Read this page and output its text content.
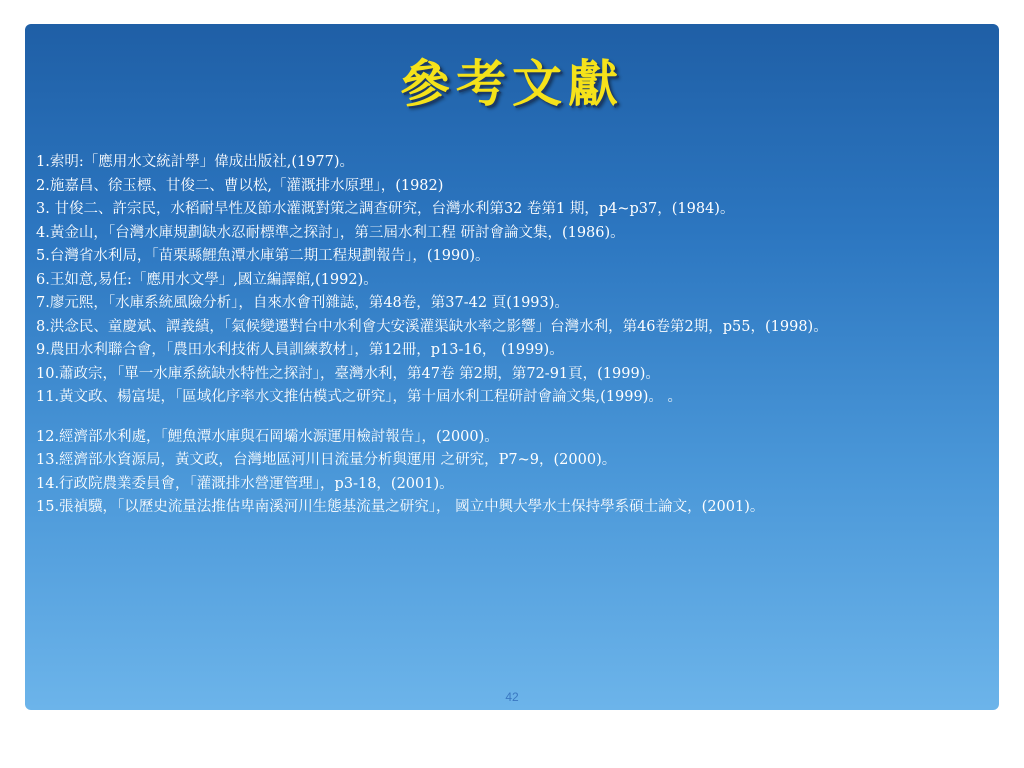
參考文獻
1.索明:「應用水文統計學」偉成出版社,(1977)。
2.施嘉昌、徐玉標、甘俊二、曹以松,「灌溉排水原理」，(1982)
3. 甘俊二、許宗民，水稻耐旱性及節水灌溉對策之調查研究，台灣水利第32 卷第1 期，p4~p37，(1984)。
4.黃金山，「台灣水庫規劃缺水忍耐標準之探討」，第三屆水利工程 研討會論文集，(1986)。
5.台灣省水利局，「苗栗縣鯉魚潭水庫第二期工程規劃報告」，(1990)。
6.王如意,易任:「應用水文學」,國立編譯館,(1992)。
7.廖元熙，「水庫系統風險分析」，自來水會刊雜誌，第48卷，第37-42 頁(1993)。
8.洪念民、童慶斌、譚義績，「氣候變遷對台中水利會大安溪灌渠缺水率之影響」台灣水利，第46卷第2期，p55，(1998)。
9.農田水利聯合會，「農田水利技術人員訓練教材」，第12冊，p13-16， (1999)。
10.蕭政宗，「單一水庫系統缺水特性之探討」，臺灣水利，第47卷 第2期，第72-91頁，(1999)。
11.黃文政、楊富堤，「區域化序率水文推估模式之研究」，第十屆水利工程研討會論文集,(1999)。 。
12.經濟部水利處，「鯉魚潭水庫與石岡壩水源運用檢討報告」，(2000)。
13.經濟部水資源局，黃文政，台灣地區河川日流量分析與運用 之研究，P7~9，(2000)。
14.行政院農業委員會，「灌溉排水營運管理」，p3-18，(2001)。
15.張禎驥，「以歷史流量法推估卑南溪河川生態基流量之研究」， 國立中興大學水土保持學系碩士論文，(2001)。
42
